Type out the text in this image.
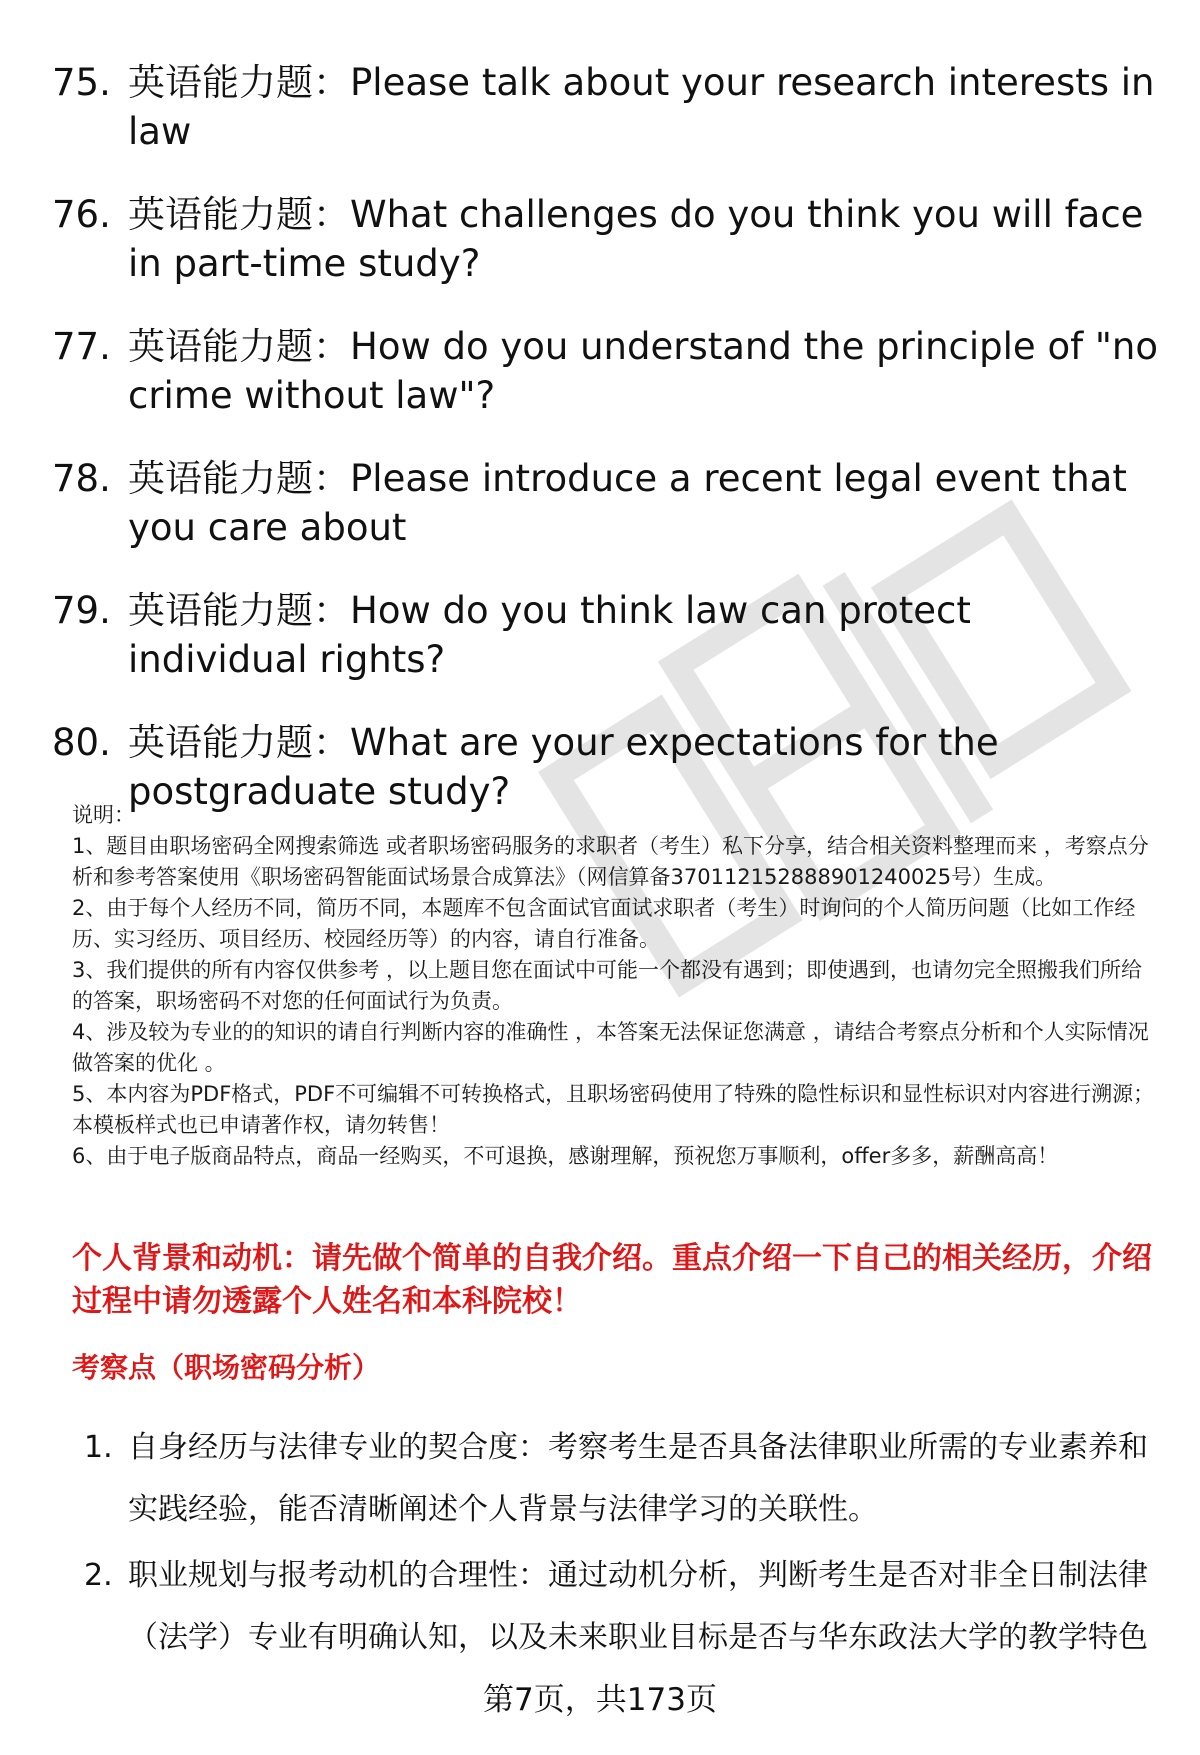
75. 英语能力题：Please talk about your research interests in law
76. 英语能力题：What challenges do you think you will face in part-time study?
77. 英语能力题：How do you understand the principle of "no crime without law"?
78. 英语能力题：Please introduce a recent legal event that you care about
79. 英语能力题：How do you think law can protect individual rights?
80. 英语能力题：What are your expectations for the postgraduate study?

说明：

1、题目由职场密码全网搜索筛选 或者职场密码服务的求职者（考生）私下分享，结合相关资料整理而来 ，考察点分析和参考答案使用《职场密码智能面试场景合成算法》（网信算备370112152888901240025号）生成。

2、由于每个人经历不同，简历不同，本题库不包含面试官面试求职者（考生）时询问的个人简历问题（比如工作经历、实习经历、项目经历、校园经历等）的内容，请自行准备。

3、我们提供的所有内容仅供参考 ，以上题目您在面试中可能一个都没有遇到；即使遇到，也请勿完全照搬我们所给的答案，职场密码不对您的任何面试行为负责。

4、涉及较为专业的的知识的请自行判断内容的准确性 ，本答案无法保证您满意 ，请结合考察点分析和个人实际情况做答案的优化 。

5、本内容为PDF格式，PDF不可编辑不可转换格式，且职场密码使用了特殊的隐性标识和显性标识对内容进行溯源；本模板样式也已申请著作权，请勿转售！

6、由于电子版商品特点，商品一经购买，不可退换，感谢理解，预祝您万事顺利，offer多多，薪酬高高！

个人背景和动机：请先做个简单的自我介绍。重点介绍一下自己的相关经历，介绍过程中请勿透露个人姓名和本科院校！
考察点（职场密码分析）
1. 自身经历与法律专业的契合度：考察考生是否具备法律职业所需的专业素养和实践经验，能否清晰阐述个人背景与法律学习的关联性。
2. 职业规划与报考动机的合理性：通过动机分析，判断考生是否对非全日制法律（法学）专业有明确认知，以及未来职业目标是否与华东政法大学的教学特色
第7页，共173页
